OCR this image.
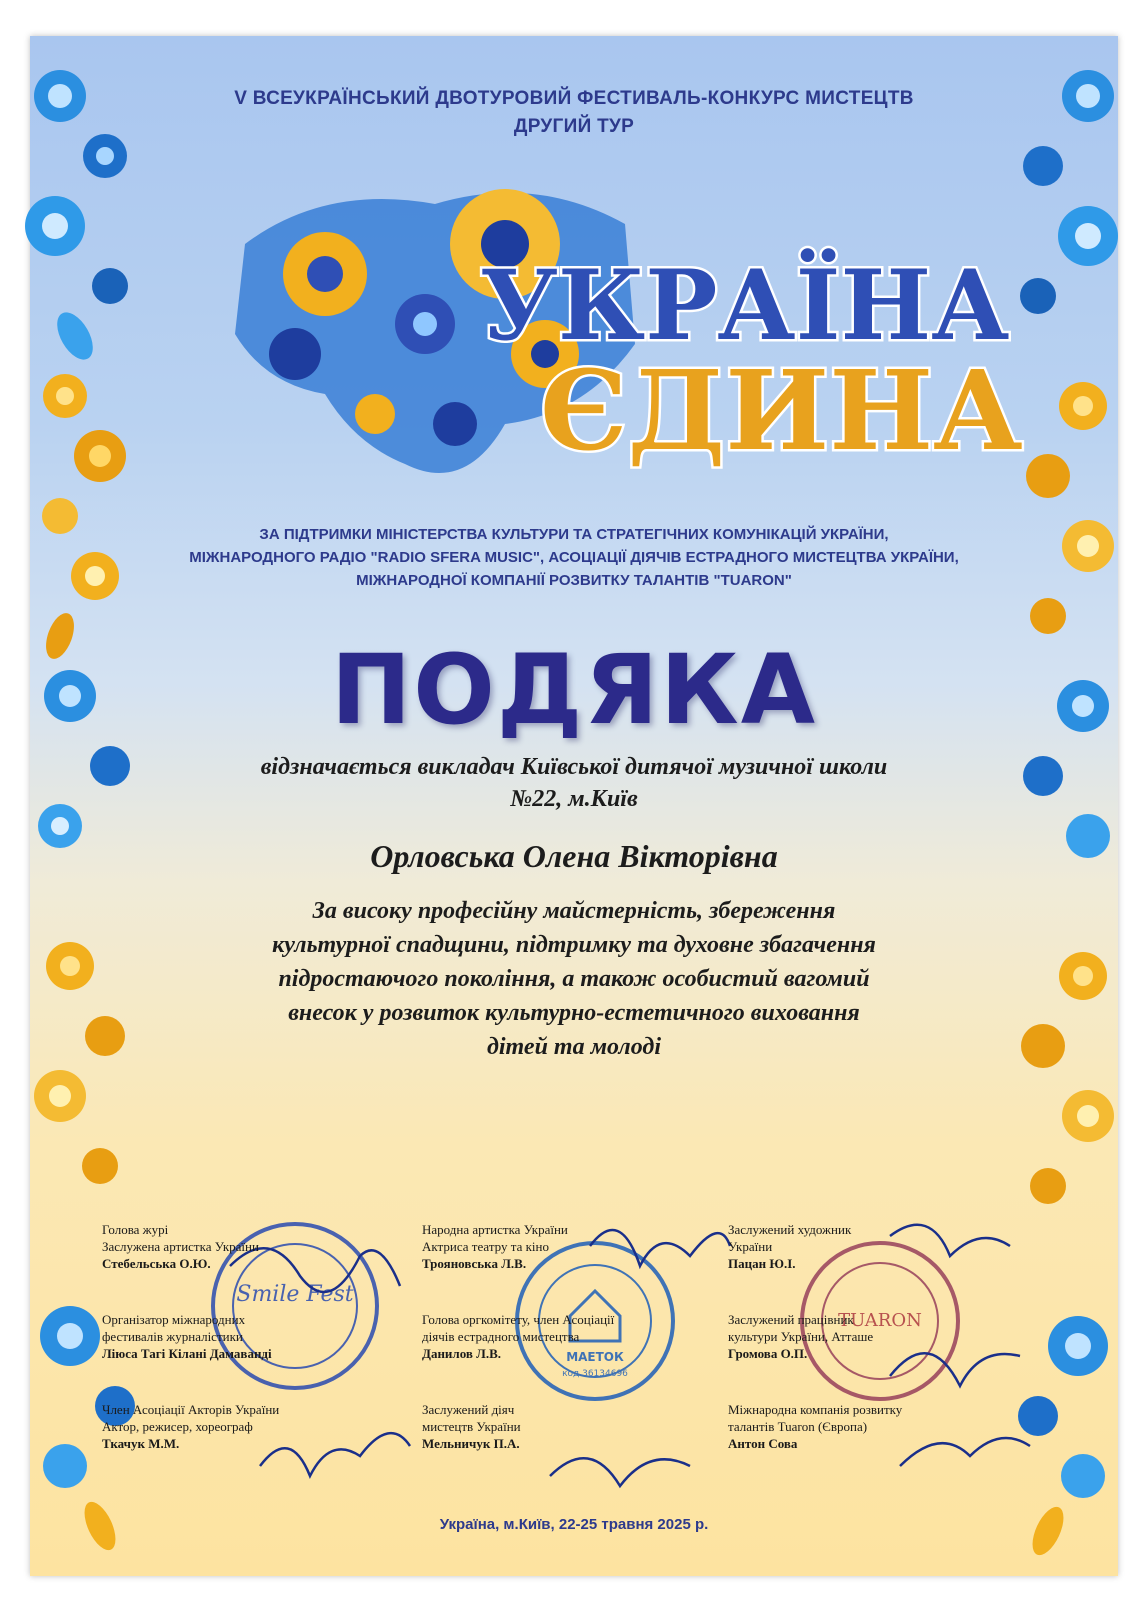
V ВСЕУКРАЇНСЬКИЙ ДВОТУРОВИЙ ФЕСТИВАЛЬ-КОНКУРС МИСТЕЦТВ
ДРУГИЙ ТУР
УКРАЇНА
ЄДИНА
ЗА ПІДТРИМКИ МІНІСТЕРСТВА КУЛЬТУРИ ТА СТРАТЕГІЧНИХ КОМУНІКАЦІЙ УКРАЇНИ,
МІЖНАРОДНОГО РАДІО "RADIO SFERA MUSIC", АСОЦІАЦІЇ ДІЯЧІВ ЕСТРАДНОГО МИСТЕЦТВА УКРАЇНИ,
МІЖНАРОДНОЇ КОМПАНІЇ РОЗВИТКУ ТАЛАНТІВ "TUARON"
ПОДЯКА
відзначається викладач Київської дитячої музичної школи
№22, м.Київ
Орловська Олена Вікторівна
За високу професійну майстерність, збереження
культурної спадщини, підтримку та духовне збагачення
підростаючого покоління, а також особистий вагомий
внесок у розвиток культурно-естетичного виховання
дітей та молоді
Smile Fest
МАЕТОК
код 36134696
TUARON
Голова журі
Заслужена артистка України
Стебельська О.Ю.
Організатор міжнародних
фестивалів журналістики
Ліюса Тагі Кілані Дамаванді
Член Асоціації Акторів України
Актор, режисер, хореограф
Ткачук М.М.
Народна артистка України
Актриса театру та кіно
Трояновська Л.В.
Голова оргкомітету, член Асоціації
діячів естрадного мистецтва
Данилов Л.В.
Заслужений діяч
мистецтв України
Мельничук П.А.
Заслужений художник
України
Пацан Ю.І.
Заслужений працівник
культури України, Атташе
Громова О.П.
Міжнародна компанія розвитку
талантів Tuaron (Європа)
Антон Сова
Україна, м.Київ, 22-25 травня 2025 р.
